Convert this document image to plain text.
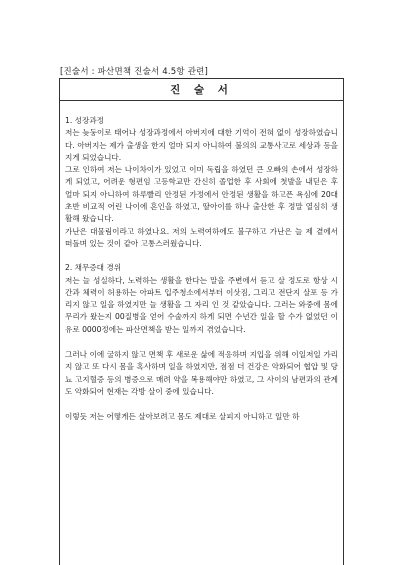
[진술서 : 파산면책 진술서 4.5항 관련]
진 술 서

1. 성장과정

저는 늦둥이로 태어나 성장과정에서 아버지에 대한 기억이 전혀 없이 성장하였습니다. 아버지는 제가 출생을 한지 얼마 되지 아니하여 불의의 교통사고로 세상과 등을 지게 되었습니다.

그로 인하여 저는 나이차이가 있었고 이미 독립을 하였던 큰 오빠의 손에서 성장하게 되었고, 어려운 형편임 고등학교만 간신히 졸업한 후 사회에 첫발을 내딛은 후 얼마 되지 아니하여 하루빨리 안정된 가정에서 안정된 생활을 하고픈 욕심에 20대 초반 비교적 어린 나이에 혼인을 하였고, 딸아이를 하나 출산한 후 정말 열심히 생활해 왔습니다.

가난은 대물림이라고 하였나요. 저의 노력여하에도 불구하고 가난은 늘 제 곁에서 떠돌며 있는 것이 같아 고통스러웠습니다.

2. 채무증대 경위

저는 늘 성실하다, 노력하는 생활을 한다는 말을 주변에서 듣고 살 정도로 항상 시간과 체력이 허용하는 아파트 입주청소에서부터 이삿짐, 그리고 전단지 살포 등 가리지 않고 일을 하였지만 늘 생활을 그 자리 인 것 같았습니다. 그러는 와중에 몸에 무리가 왔는지 00질병을 얻어 수술까지 하게 되면 수년간 일을 할 수가 없었던 이유로 0000정에는 파산면책을 받는 일까지 겪었습니다.

그러나 이에 굴하지 않고 면책 후 새로운 삶에 적응하며 지입을 위해 이일저일 가리지 않고 또 다시 몸을 혹사하며 일을 하였지만, 점점 더 건강은 악화되어 협압 및 당뇨 고지혈증 등의 병증으로 매려 약을 복용해야만 하였고, 그 사이의 남편과의 관계도 악화되어 현재는 각방 살이 중에 있습니다.

이렇듯 저는 어떻게든 살아보려고 몸도 제대로 살피지 아니하고 일만 하
